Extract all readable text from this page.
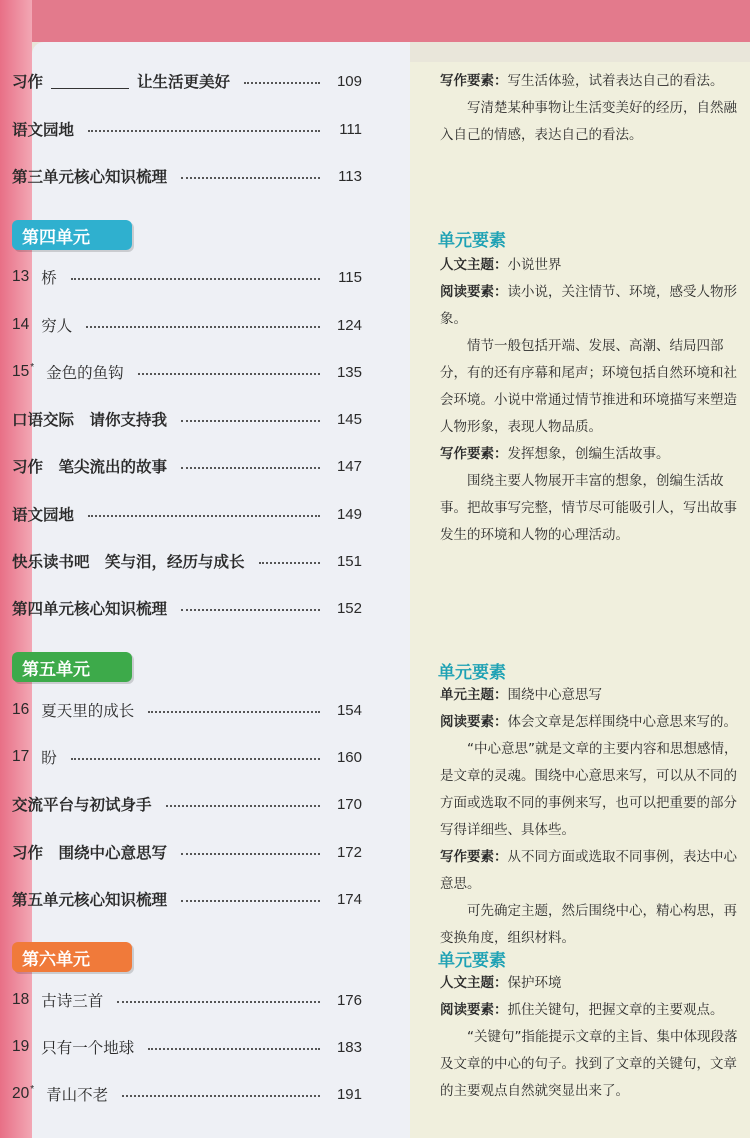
习作	让生活更美好	109
语文园地	111
第三单元核心知识梳理	113
第四单元
13 桥	115
14 穷人	124
15* 金色的鱼钩	135
口语交际　请你支持我	145
习作　笔尖流出的故事	147
语文园地	149
快乐读书吧　笑与泪，经历与成长	151
第四单元核心知识梳理	152
第五单元
16 夏天里的成长	154
17 盼	160
交流平台与初试身手	170
习作　围绕中心意思写	172
第五单元核心知识梳理	174
第六单元
18 古诗三首	176
19 只有一个地球	183
20* 青山不老	191
写作要素：写生活体验，试着表达自己的看法。
写清楚某种事物让生活变美好的经历，自然融入自己的情感，表达自己的看法。
单元要素
人文主题：小说世界
阅读要素：读小说，关注情节、环境，感受人物形象。
情节一般包括开端、发展、高潮、结局四部分，有的还有序幕和尾声；环境包括自然环境和社会环境。小说中常通过情节推进和环境描写来塑造人物形象，表现人物品质。
写作要素：发挥想象，创编生活故事。
围绕主要人物展开丰富的想象，创编生活故事。把故事写完整，情节尽可能吸引人，写出故事发生的环境和人物的心理活动。
单元要素
单元主题：围绕中心意思写
阅读要素：体会文章是怎样围绕中心意思来写的。
“中心意思”就是文章的主要内容和思想感情，是文章的灵魂。围绕中心意思来写，可以从不同的方面或选取不同的事例来写，也可以把重要的部分写得详细些、具体些。
写作要素：从不同方面或选取不同事例，表达中心意思。
可先确定主题，然后围绕中心，精心构思，再变换角度，组织材料。
单元要素
人文主题：保护环境
阅读要素：抓住关键句，把握文章的主要观点。
“关键句”指能提示文章的主旨、集中体现段落及文章的中心的句子。找到了文章的关键句，文章的主要观点自然就突显出来了。
